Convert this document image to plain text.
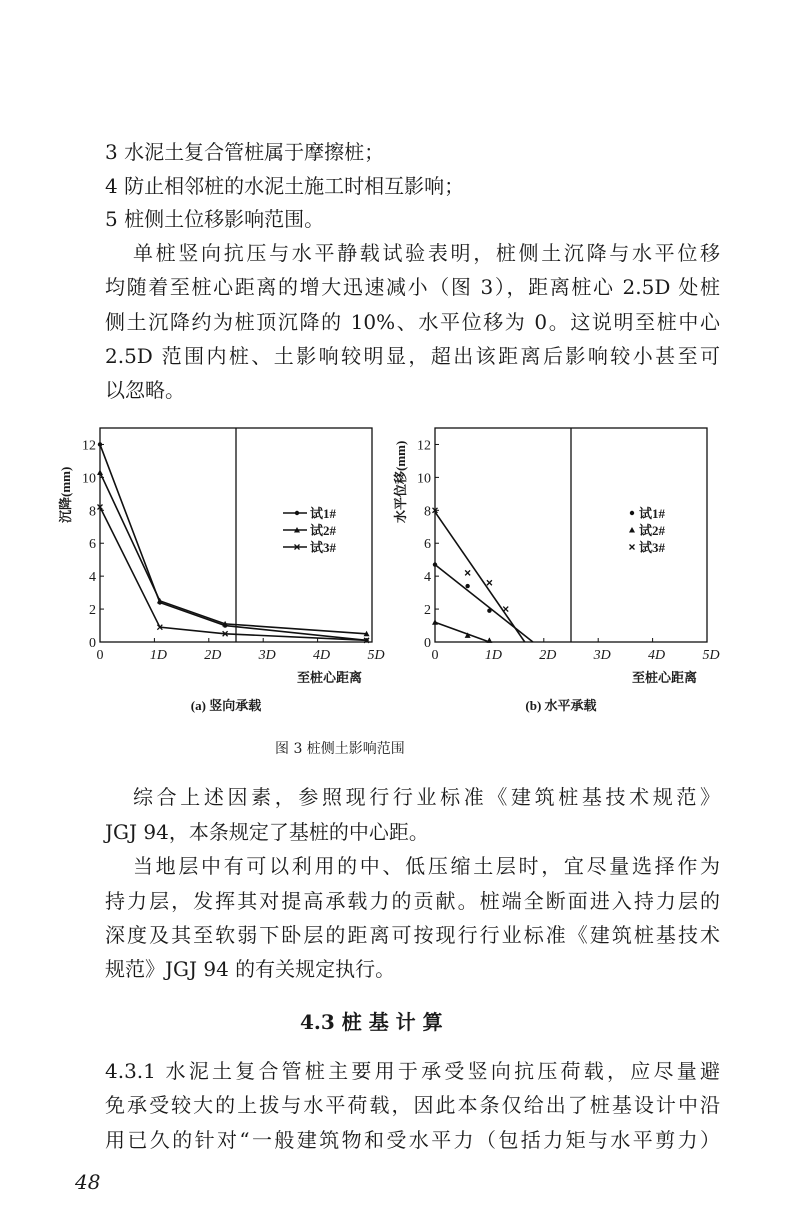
3 水泥土复合管桩属于摩擦桩；
4 防止相邻桩的水泥土施工时相互影响；
5 桩侧土位移影响范围。
单桩竖向抗压与水平静载试验表明，桩侧土沉降与水平位移
均随着至桩心距离的增大迅速减小（图 3），距离桩心 2.5D 处桩
侧土沉降约为桩顶沉降的 10%、水平位移为 0。这说明至桩中心
2.5D 范围内桩、土影响较明显，超出该距离后影响较小甚至可
以忽略。
0
2
4
6
8
10
12
0	1D	2D	3D	4D	5D
至桩心距离
沉降(mm)
(a) 竖向承载
试1#
试2#
试3#
0
2
4
6
8
10
12
0	1D	2D	3D	4D	5D
至桩心距离
水平位移(mm)
(b) 水平承载
试1#
试2#
试3#
图 3 桩侧土影响范围
综合上述因素，参照现行行业标准《建筑桩基技术规范》
JGJ 94，本条规定了基桩的中心距。
当地层中有可以利用的中、低压缩土层时，宜尽量选择作为
持力层，发挥其对提高承载力的贡献。桩端全断面进入持力层的
深度及其至软弱下卧层的距离可按现行行业标准《建筑桩基技术
规范》JGJ 94 的有关规定执行。
4.3 桩 基 计 算
4.3.1 水泥土复合管桩主要用于承受竖向抗压荷载，应尽量避
免承受较大的上拔与水平荷载，因此本条仅给出了桩基设计中沿
用已久的针对“一般建筑物和受水平力（包括力矩与水平剪力）
48
